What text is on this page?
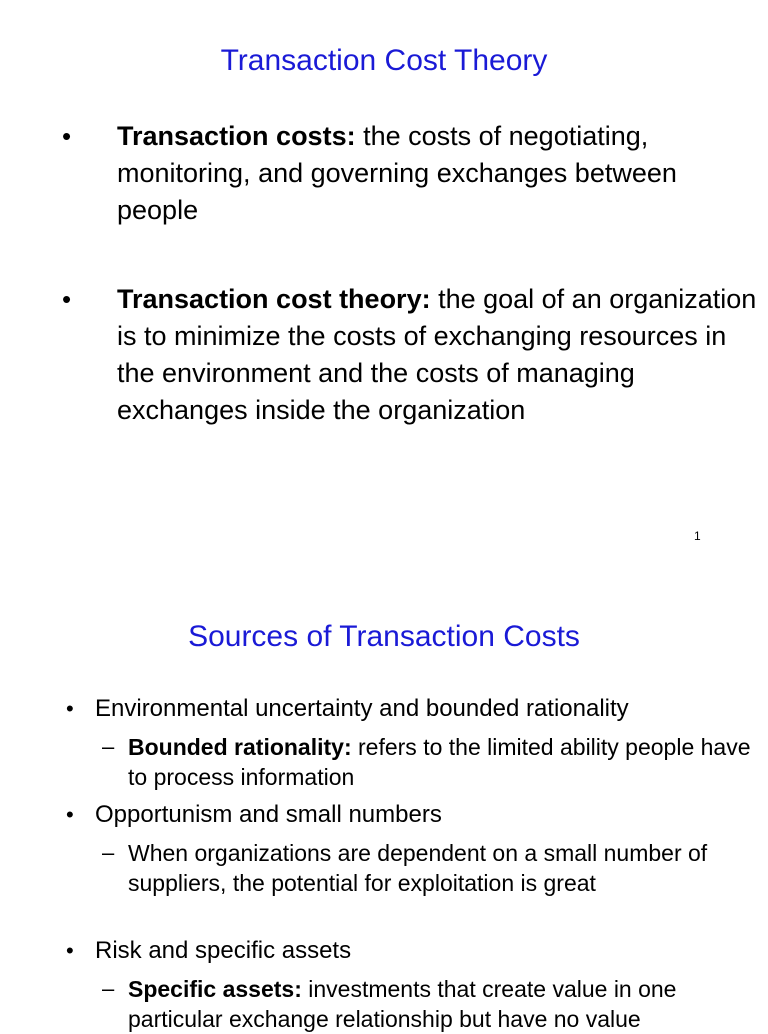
Transaction Cost Theory
• Transaction costs: the costs of negotiating, monitoring, and governing exchanges between people
• Transaction cost theory: the goal of an organization is to minimize the costs of exchanging resources in the environment and the costs of managing exchanges inside the organization
1
Sources of Transaction Costs
• Environmental uncertainty and bounded rationality
– Bounded rationality: refers to the limited ability people have to process information
• Opportunism and small numbers
– When organizations are dependent on a small number of suppliers, the potential for exploitation is great
• Risk and specific assets
– Specific assets: investments that create value in one particular exchange relationship but have no value
